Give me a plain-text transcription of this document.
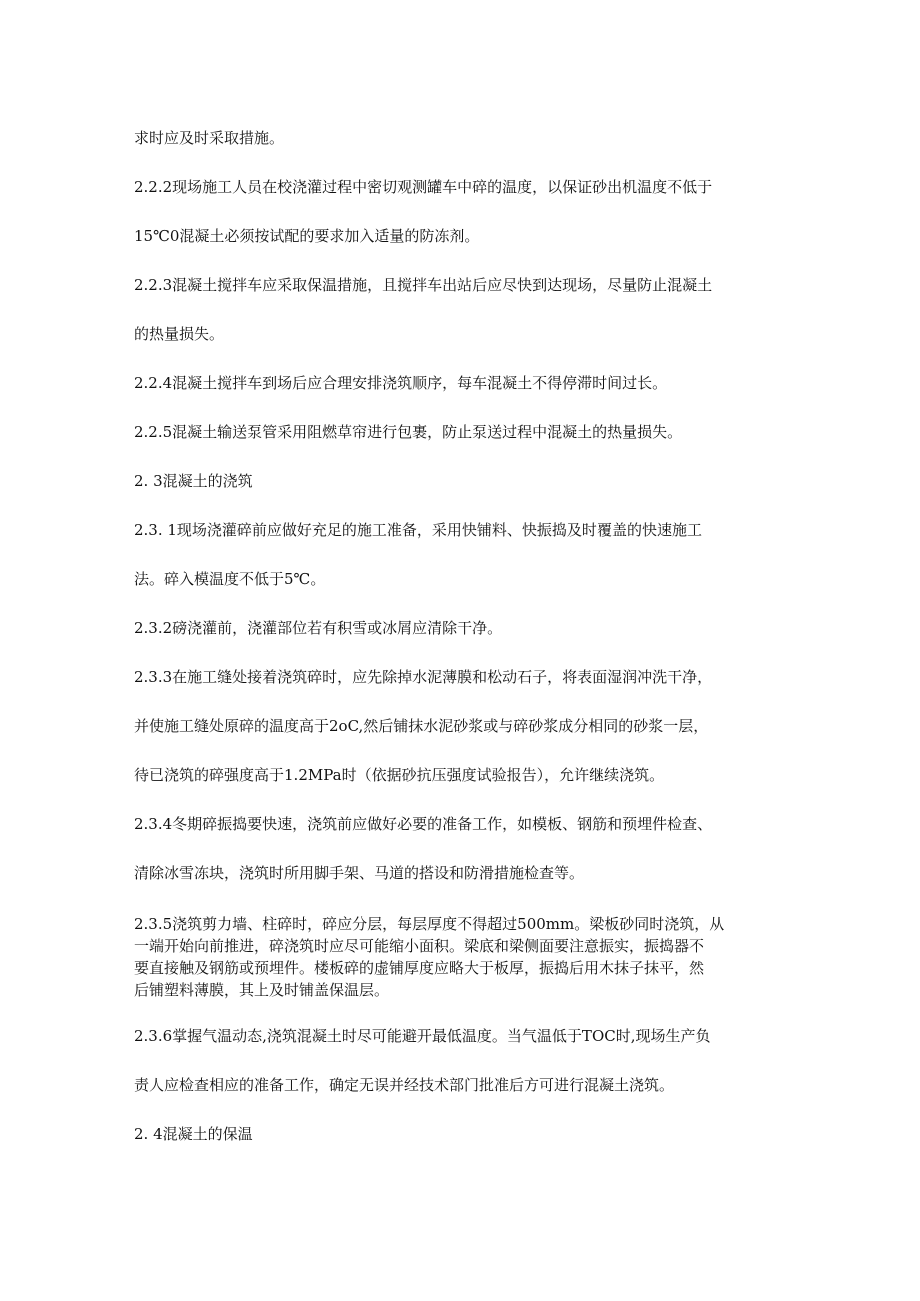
求时应及时采取措施。
2.2.2现场施工人员在校浇灌过程中密切观测罐车中碎的温度，以保证砂出机温度不低于
15℃0混凝土必须按试配的要求加入适量的防冻剂。
2.2.3混凝土搅拌车应采取保温措施，且搅拌车出站后应尽快到达现场，尽量防止混凝土
的热量损失。
2.2.4混凝土搅拌车到场后应合理安排浇筑顺序，每车混凝土不得停滞时间过长。
2.2.5混凝土输送泵管采用阻燃草帘进行包裹，防止泵送过程中混凝土的热量损失。
2. 3混凝土的浇筑
2.3. 1现场浇灌碎前应做好充足的施工准备，采用快铺料、快振捣及时覆盖的快速施工
法。碎入模温度不低于5℃。
2.3.2磅浇灌前，浇灌部位若有积雪或冰屑应清除干净。
2.3.3在施工缝处接着浇筑碎时，应先除掉水泥薄膜和松动石子，将表面湿润冲洗干净，
并使施工缝处原碎的温度高于2oC,然后铺抹水泥砂浆或与碎砂浆成分相同的砂浆一层，
待已浇筑的碎强度高于1.2MPa时（依据砂抗压强度试验报告），允许继续浇筑。
2.3.4冬期碎振捣要快速，浇筑前应做好必要的准备工作，如模板、钢筋和预埋件检查、
清除冰雪冻块，浇筑时所用脚手架、马道的搭设和防滑措施检查等。
2.3.5浇筑剪力墙、柱碎时，碎应分层，每层厚度不得超过500mm。梁板砂同时浇筑，从
一端开始向前推进，碎浇筑时应尽可能缩小面积。梁底和梁侧面要注意振实，振捣器不
要直接触及钢筋或预埋件。楼板碎的虚铺厚度应略大于板厚，振捣后用木抹子抹平，然
后铺塑料薄膜，其上及时铺盖保温层。
2.3.6掌握气温动态,浇筑混凝土时尽可能避开最低温度。当气温低于TOC时,现场生产负
责人应检查相应的准备工作，确定无误并经技术部门批准后方可进行混凝土浇筑。
2. 4混凝土的保温
